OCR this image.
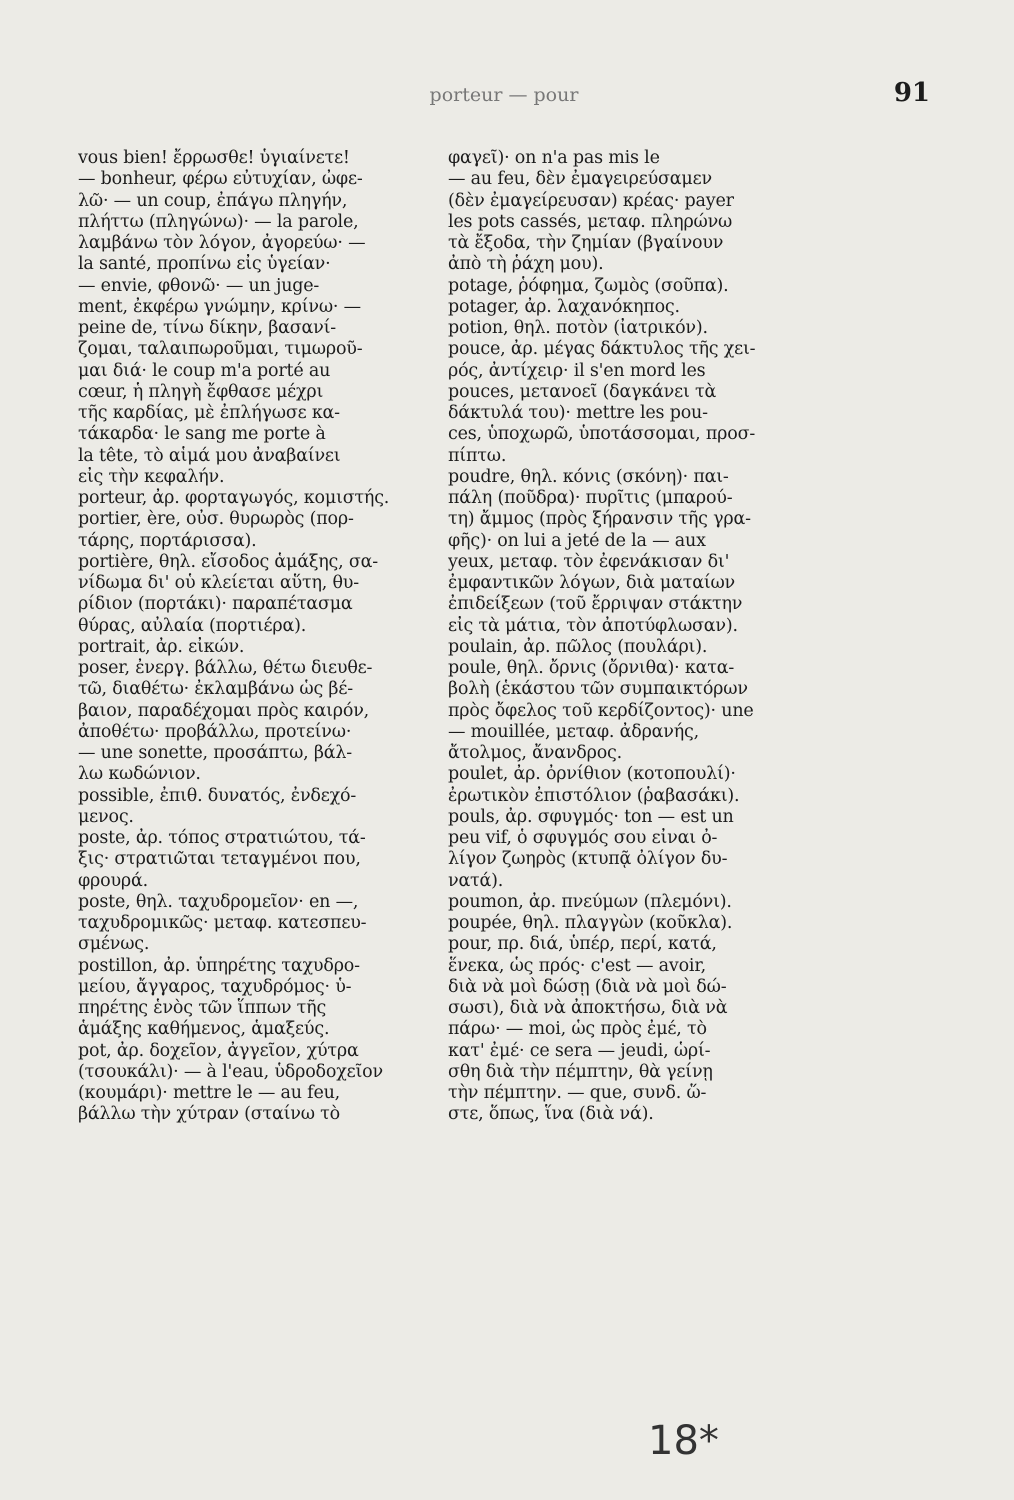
porteur — pour	91
vous bien! ἔρρωσθε! ὑγιαίνετε!
— bonheur, φέρω εὐτυχίαν, ὠφε-
λῶ· — un coup, ἐπάγω πληγήν,
πλήττω (πληγώνω)· — la parole,
λαμβάνω τὸν λόγον, ἀγορεύω· —
la santé, προπίνω εἰς ὑγείαν·
— envie, φθονῶ· — un juge-
ment, ἐκφέρω γνώμην, κρίνω· —
peine de, τίνω δίκην, βασανί-
ζομαι, ταλαιπωροῦμαι, τιμωροῦ-
μαι διά· le coup m'a porté au
cœur, ἡ πληγὴ ἔφθασε μέχρι
τῆς καρδίας, μὲ ἐπλήγωσε κα-
τάκαρδα· le sang me porte à
la tête, τὸ αἷμά μου ἀναβαίνει
εἰς τὴν κεφαλήν.
porteur, ἀρ. φορταγωγός, κομιστής.
portier, ère, οὐσ. θυρωρὸς (πορ-
τάρης, πορτάρισσα).
portière, θηλ. εἴσοδος ἁμάξης, σα-
νίδωμα δι' οὗ κλείεται αὕτη, θυ-
ρίδιον (πορτάκι)· παραπέτασμα
θύρας, αὐλαία (πορτιέρα).
portrait, ἀρ. εἰκών.
poser, ἐνεργ. βάλλω, θέτω διευθε-
τῶ, διαθέτω· ἐκλαμβάνω ὡς βέ-
βαιον, παραδέχομαι πρὸς καιρόν,
ἀποθέτω· προβάλλω, προτείνω·
— une sonette, προσάπτω, βάλ-
λω κωδώνιον.
possible, ἐπιθ. δυνατός, ἐνδεχό-
μενος.
poste, ἀρ. τόπος στρατιώτου, τά-
ξις· στρατιῶται τεταγμένοι που,
φρουρά.
poste, θηλ. ταχυδρομεῖον· en —,
ταχυδρομικῶς· μεταφ. κατεσπευ-
σμένως.
postillon, ἀρ. ὑπηρέτης ταχυδρο-
μείου, ἄγγαρος, ταχυδρόμος· ὑ-
πηρέτης ἑνὸς τῶν ἵππων τῆς
ἁμάξης καθήμενος, ἁμαξεύς.
pot, ἀρ. δοχεῖον, ἀγγεῖον, χύτρα
(τσουκάλι)· — à l'eau, ὑδροδοχεῖον
(κουμάρι)· mettre le — au feu,
βάλλω τὴν χύτραν (σταίνω τὸ
φαγεῖ)· on n'a pas mis le
— au feu, δὲν ἐμαγειρεύσαμεν
(δὲν ἐμαγείρευσαν) κρέας· payer
les pots cassés, μεταφ. πληρώνω
τὰ ἔξοδα, τὴν ζημίαν (βγαίνουν
ἀπὸ τὴ ῥάχη μου).
potage, ῥόφημα, ζωμὸς (σοῦπα).
potager, ἀρ. λαχανόκηπος.
potion, θηλ. ποτὸν (ἰατρικόν).
pouce, ἀρ. μέγας δάκτυλος τῆς χει-
ρός, ἀντίχειρ· il s'en mord les
pouces, μετανοεῖ (δαγκάνει τὰ
δάκτυλά του)· mettre les pou-
ces, ὑποχωρῶ, ὑποτάσσομαι, προσ-
πίπτω.
poudre, θηλ. κόνις (σκόνη)· παι-
πάλη (ποῦδρα)· πυρῖτις (μπαρού-
τη) ἄμμος (πρὸς ξήρανσιν τῆς γρα-
φῆς)· on lui a jeté de la — aux
yeux, μεταφ. τὸν ἐφενάκισαν δι'
ἐμφαντικῶν λόγων, διὰ ματαίων
ἐπιδείξεων (τοῦ ἔρριψαν στάκτην
εἰς τὰ μάτια, τὸν ἀποτύφλωσαν).
poulain, ἀρ. πῶλος (πουλάρι).
poule, θηλ. ὄρνις (ὄρνιθα)· κατα-
βολὴ (ἑκάστου τῶν συμπαικτόρων
πρὸς ὄφελος τοῦ κερδίζοντος)· une
— mouillée, μεταφ. ἀδρανής,
ἄτολμος, ἄνανδρος.
poulet, ἀρ. ὀρνίθιον (κοτοπουλί)·
ἐρωτικὸν ἐπιστόλιον (ῥαβασάκι).
pouls, ἀρ. σφυγμός· ton — est un
peu vif, ὁ σφυγμός σου εἶναι ὀ-
λίγον ζωηρὸς (κτυπᾷ ὀλίγον δυ-
νατά).
poumon, ἀρ. πνεύμων (πλεμόνι).
poupée, θηλ. πλαγγὼν (κοῦκλα).
pour, πρ. διά, ὑπέρ, περί, κατά,
ἕνεκα, ὡς πρός· c'est — avoir,
διὰ νὰ μοὶ δώσῃ (διὰ νὰ μοὶ δώ-
σωσι), διὰ νὰ ἀποκτήσω, διὰ νὰ
πάρω· — moi, ὡς πρὸς ἐμέ, τὸ
κατ' ἐμέ· ce sera — jeudi, ὡρί-
σθη διὰ τὴν πέμπτην, θὰ γείνῃ
τὴν πέμπτην. — que, συνδ. ὥ-
στε, ὅπως, ἵνα (διὰ νά).
18*
